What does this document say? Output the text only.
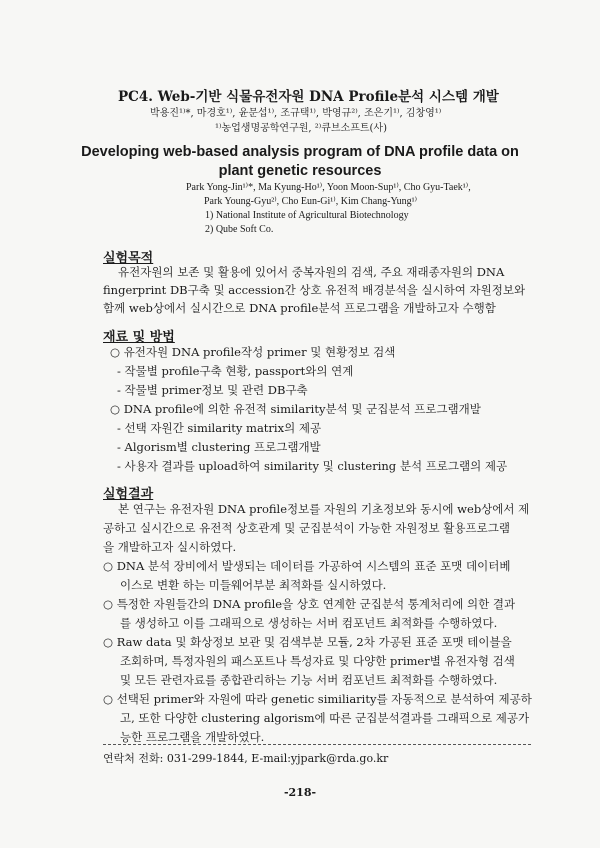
PC4. Web-기반 식물유전자원 DNA Profile분석 시스템 개발
박용진¹⁾*, 마경호¹⁾, 윤문섭¹⁾, 조규택¹⁾, 박영규²⁾, 조은기¹⁾, 김창영¹⁾
¹⁾농업생명공학연구원, ²⁾큐브소프트(사)
Developing web-based analysis program of DNA profile data on
plant genetic resources
Park Yong-Jin¹⁾*, Ma Kyung-Ho¹⁾, Yoon Moon-Sup¹⁾, Cho Gyu-Taek¹⁾,
Park Young-Gyu²⁾, Cho Eun-Gi¹⁾, Kim Chang-Yung¹⁾
1) National Institute of Agricultural Biotechnology
2) Qube Soft Co.
실험목적
유전자원의 보존 및 활용에 있어서 중복자원의 검색, 주요 재래종자원의 DNA
fingerprint DB구축 및 accession간 상호 유전적 배경분석을 실시하여 자원정보와
함께 web상에서 실시간으로 DNA profile분석 프로그램을 개발하고자 수행함
재료 및 방법
○ 유전자원 DNA profile작성 primer 및 현황정보 검색
- 작물별 profile구축 현황, passport와의 연계
- 작물별 primer정보 및 관련 DB구축
○ DNA profile에 의한 유전적 similarity분석 및 군집분석 프로그램개발
- 선택 자원간 similarity matrix의 제공
- Algorism별 clustering 프로그램개발
- 사용자 결과를 upload하여 similarity 및 clustering 분석 프로그램의 제공
실험결과
본 연구는 유전자원 DNA profile정보를 자원의 기초정보와 동시에 web상에서 제
공하고 실시간으로 유전적 상호관계 및 군집분석이 가능한 자원정보 활용프로그램
을 개발하고자 실시하였다.
○ DNA 분석 장비에서 발생되는 데이터를 가공하여 시스템의 표준 포맷 데이터베
이스로 변환 하는 미들웨어부분 최적화를 실시하였다.
○ 특정한 자원들간의 DNA profile을 상호 연계한 군집분석 통계처리에 의한 결과
를 생성하고 이를 그래픽으로 생성하는 서버 컴포넌트 최적화를 수행하였다.
○ Raw data 및 화상정보 보관 및 검색부분 모듈, 2차 가공된 표준 포맷 테이블을
조회하며, 특정자원의 패스포트나 특성자료 및 다양한 primer별 유전자형 검색
및 모든 관련자료를 종합관리하는 기능 서버 컴포넌트 최적화를 수행하였다.
○ 선택된 primer와 자원에 따라 genetic similiarity를 자동적으로 분석하여 제공하
고, 또한 다양한 clustering algorism에 따른 군집분석결과를 그래픽으로 제공가
능한 프로그램을 개발하였다.
연락처 전화: 031-299-1844, E-mail:yjpark@rda.go.kr
-218-
